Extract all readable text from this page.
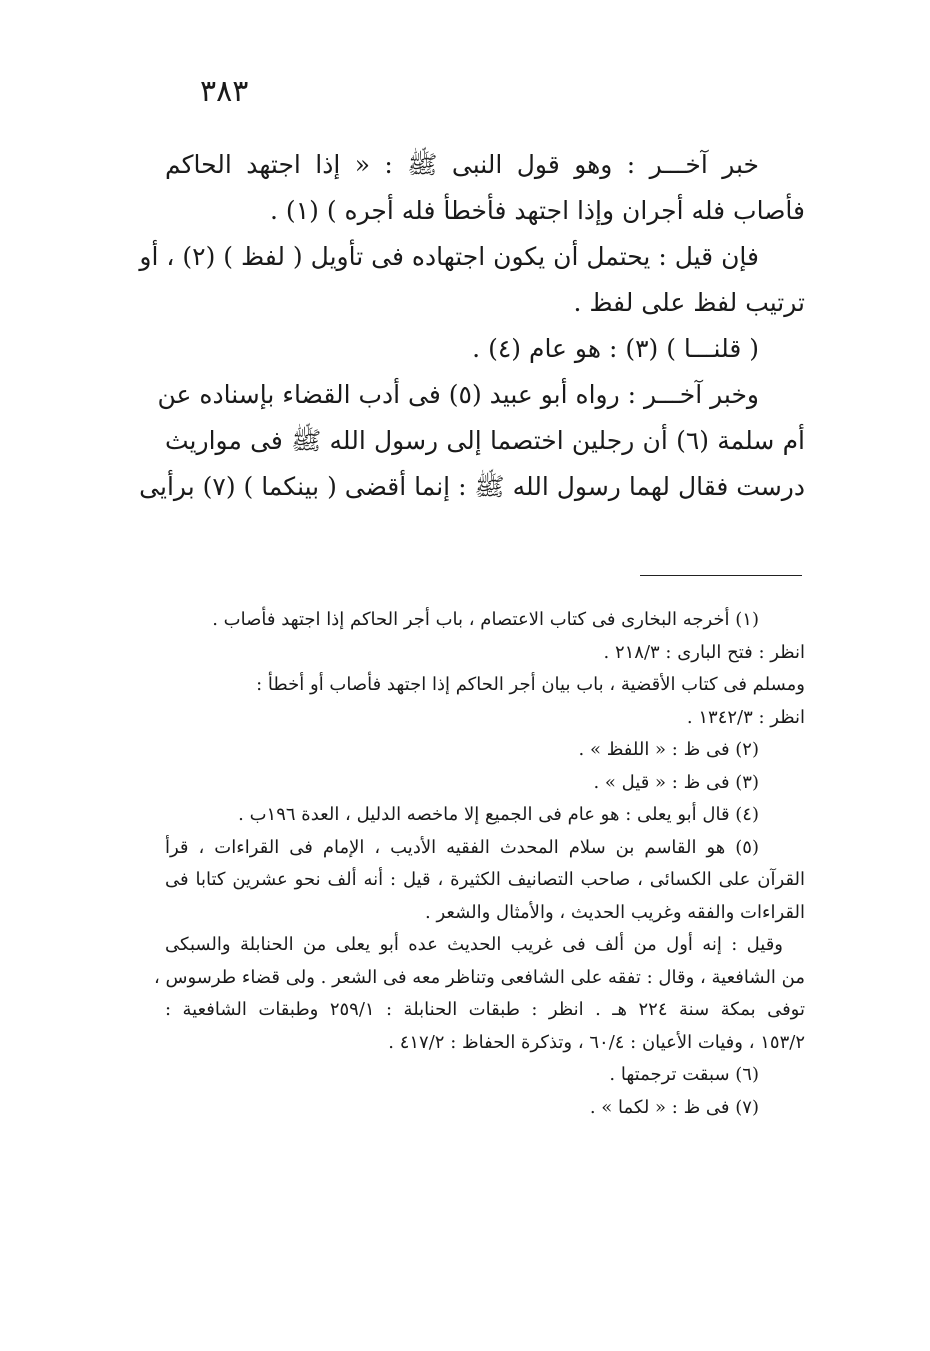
٣٨٣
خبر آخـــر : وهو قول النبى ﷺ : « إذا اجتهد الحاكم
فأصاب فله أجران وإذا اجتهد فأخطأ فله أجره ) (١) .
فإن قيل : يحتمل أن يكون اجتهاده فى تأويل ( لفظ ) (٢) ، أو
ترتيب لفظ على لفظ .
( قلنـــا ) (٣) : هو عام (٤) .
وخبر آخـــر : رواه أبو عبيد (٥) فى أدب القضاء بإسناده عن
أم سلمة (٦) أن رجلين اختصما إلى رسول الله ﷺ فى مواريث
درست فقال لهما رسول الله ﷺ : إنما أقضى ( بينكما ) (٧) برأيى
(١) أخرجه البخارى فى كتاب الاعتصام ، باب أجر الحاكم إذا اجتهد فأصاب .
انظر : فتح البارى : ٢١٨/٣ .
ومسلم فى كتاب الأقضية ، باب بيان أجر الحاكم إذا اجتهد فأصاب أو أخطأ :
انظر : ١٣٤٢/٣ .
(٢) فى ظ : « اللفظ » .
(٣) فى ظ : « قيل » .
(٤) قال أبو يعلى : هو عام فى الجميع إلا ماخصه الدليل ، العدة ١٩٦ب .
(٥) هو القاسم بن سلام المحدث الفقيه الأديب ، الإمام فى القراءات ، قرأ
القرآن على الكسائى ، صاحب التصانيف الكثيرة ، قيل : أنه ألف نحو عشرين كتابا فى
القراءات والفقه وغريب الحديث ، والأمثال والشعر .
وقيل : إنه أول من ألف فى غريب الحديث عده أبو يعلى من الحنابلة والسبكى
من الشافعية ، وقال : تفقه على الشافعى وتناظر معه فى الشعر . ولى قضاء طرسوس ،
توفى بمكة سنة ٢٢٤ هـ . انظر : طبقات الحنابلة : ٢٥٩/١ وطبقات الشافعية :
١٥٣/٢ ، وفيات الأعيان : ٦٠/٤ ، وتذكرة الحفاظ : ٤١٧/٢ .
(٦) سبقت ترجمتها .
(٧) فى ظ : « لكما » .
